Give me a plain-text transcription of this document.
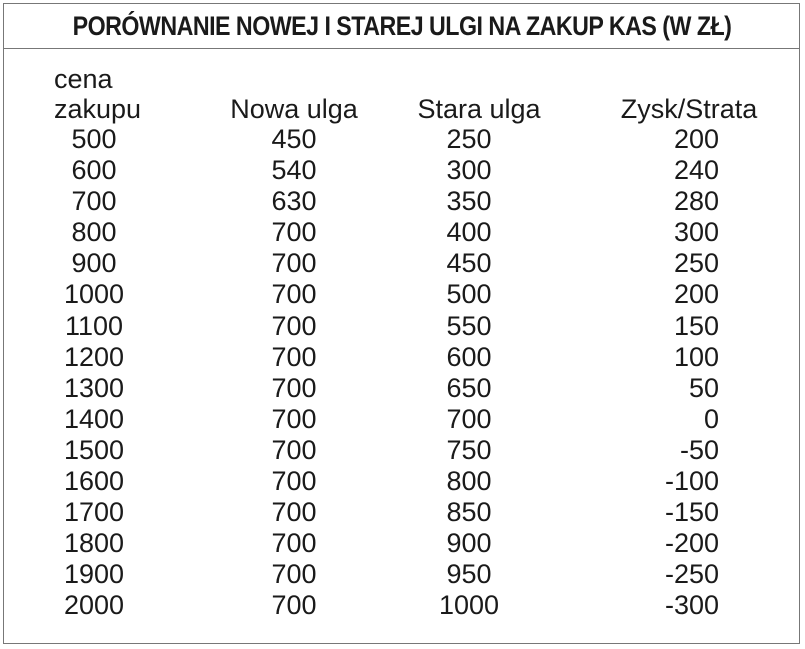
PORÓWNANIE NOWEJ I STAREJ ULGI NA ZAKUP KAS (W ZŁ)
cena zakupu	Nowa ulga	Stara ulga	Zysk/Strata
500	450	250	200
600	540	300	240
700	630	350	280
800	700	400	300
900	700	450	250
1000	700	500	200
1100	700	550	150
1200	700	600	100
1300	700	650	50
1400	700	700	0
1500	700	750	-50
1600	700	800	-100
1700	700	850	-150
1800	700	900	-200
1900	700	950	-250
2000	700	1000	-300
